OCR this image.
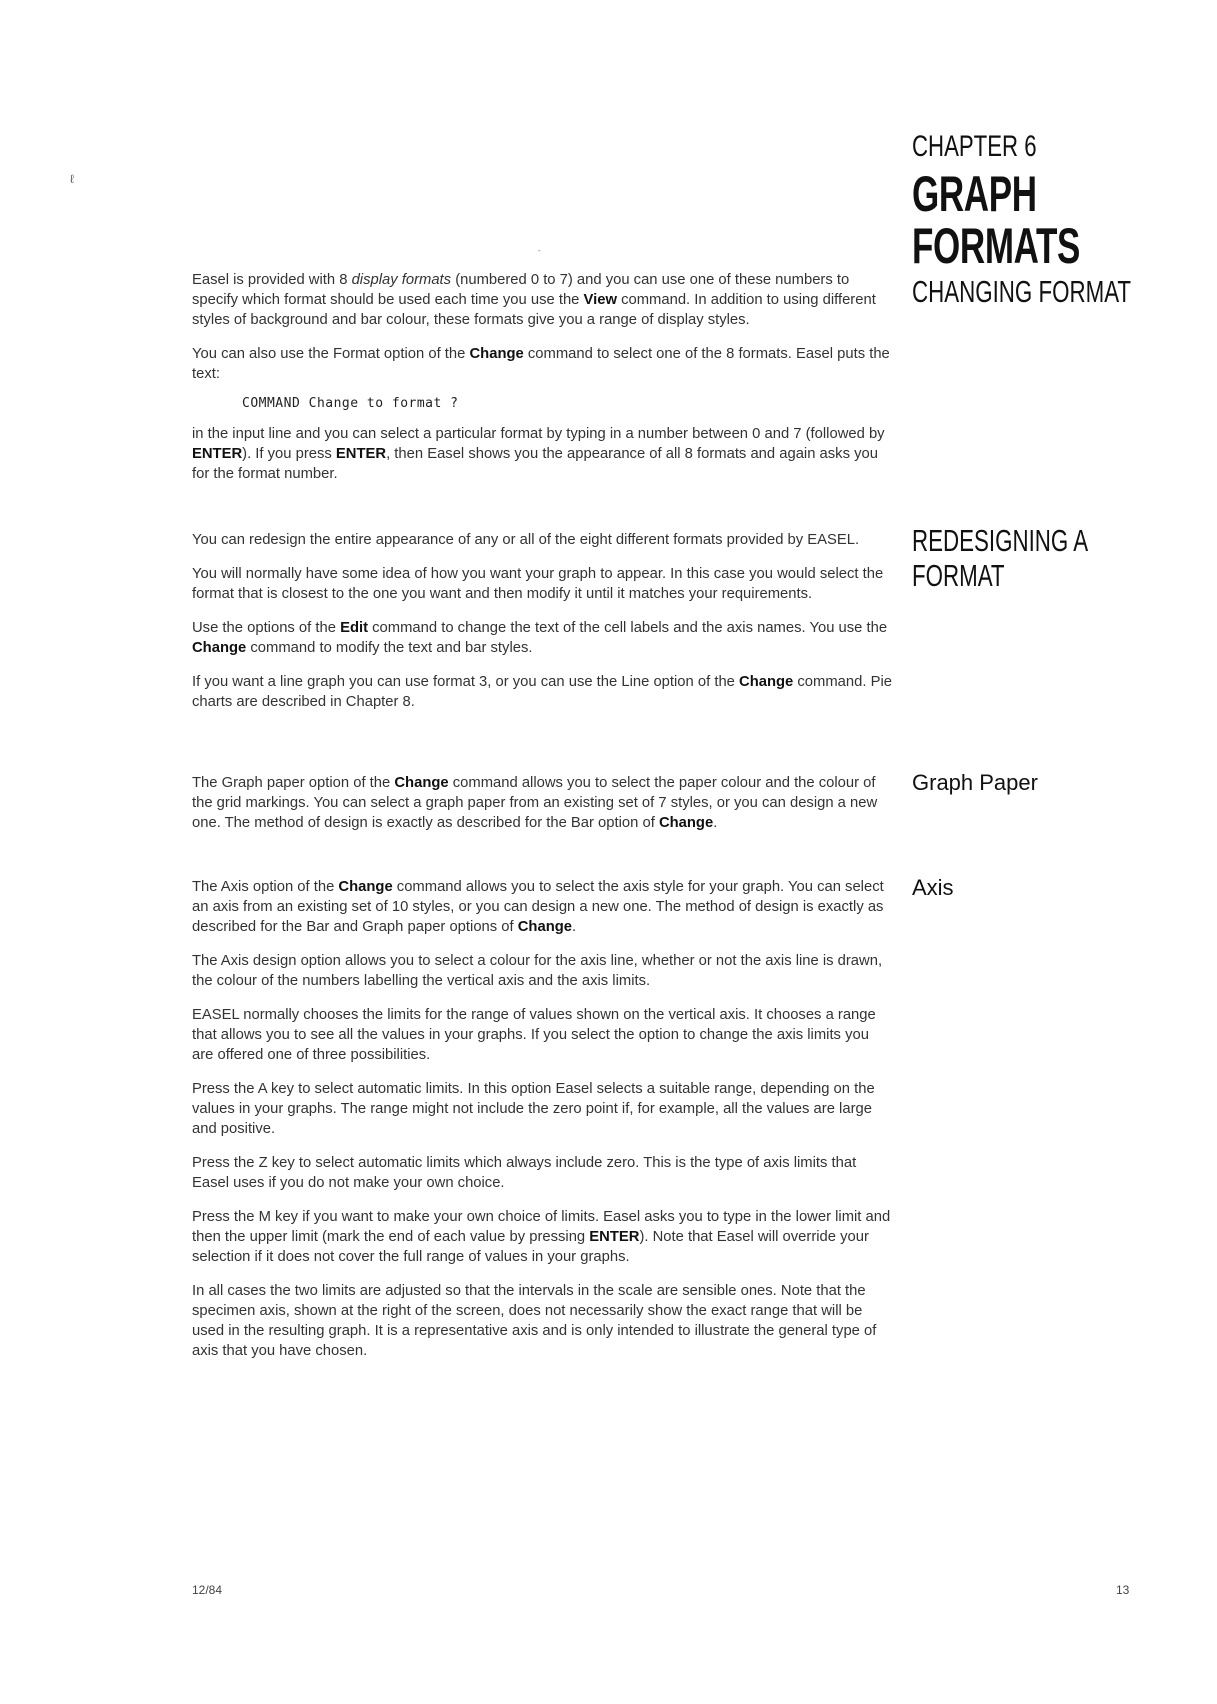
ℓ
-
CHAPTER 6
GRAPH
FORMATS
CHANGING FORMAT
REDESIGNING A
FORMAT
Graph Paper
Axis

Easel is provided with 8 display formats (numbered 0 to 7) and you can use one of these numbers to specify which format should be used each time you use the View command. In addition to using different styles of background and bar colour, these formats give you a range of display styles.

You can also use the Format option of the Change command to select one of the 8 formats. Easel puts the text:

COMMAND Change to format ?

in the input line and you can select a particular format by typing in a number between 0 and 7 (followed by ENTER). If you press ENTER, then Easel shows you the appearance of all 8 formats and again asks you for the format number.

You can redesign the entire appearance of any or all of the eight different formats provided by EASEL.

You will normally have some idea of how you want your graph to appear. In this case you would select the format that is closest to the one you want and then modify it until it matches your requirements.

Use the options of the Edit command to change the text of the cell labels and the axis names. You use the Change command to modify the text and bar styles.

If you want a line graph you can use format 3, or you can use the Line option of the Change command. Pie charts are described in Chapter 8.

The Graph paper option of the Change command allows you to select the paper colour and the colour of the grid markings. You can select a graph paper from an existing set of 7 styles, or you can design a new one. The method of design is exactly as described for the Bar option of Change.

The Axis option of the Change command allows you to select the axis style for your graph. You can select an axis from an existing set of 10 styles, or you can design a new one. The method of design is exactly as described for the Bar and Graph paper options of Change.

The Axis design option allows you to select a colour for the axis line, whether or not the axis line is drawn, the colour of the numbers labelling the vertical axis and the axis limits.

EASEL normally chooses the limits for the range of values shown on the vertical axis. It chooses a range that allows you to see all the values in your graphs. If you select the option to change the axis limits you are offered one of three possibilities.

Press the A key to select automatic limits. In this option Easel selects a suitable range, depending on the values in your graphs. The range might not include the zero point if, for example, all the values are large and positive.

Press the Z key to select automatic limits which always include zero. This is the type of axis limits that Easel uses if you do not make your own choice.

Press the M key if you want to make your own choice of limits. Easel asks you to type in the lower limit and then the upper limit (mark the end of each value by pressing ENTER). Note that Easel will override your selection if it does not cover the full range of values in your graphs.

In all cases the two limits are adjusted so that the intervals in the scale are sensible ones. Note that the specimen axis, shown at the right of the screen, does not necessarily show the exact range that will be used in the resulting graph. It is a representative axis and is only intended to illustrate the general type of axis that you have chosen.

12/84	13
